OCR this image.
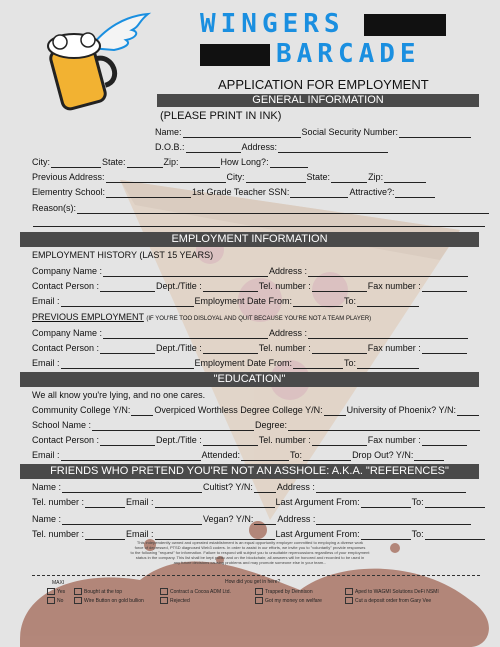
WINGERS
BARCADE
APPLICATION FOR EMPLOYMENT
GENERAL INFORMATION
(PLEASE PRINT IN INK)
Name:	Social Security Number:
D.O.B.:	Address:
City:	State:	Zip:	How Long?:
Previous Address:	City:	State:	Zip:
Elementry School:	1st Grade Teacher SSN:	Attractive?:
Reason(s):
EMPLOYMENT INFORMATION
EMPLOYMENT HISTORY (LAST 15 YEARS)
Company Name :	Address :
Contact Person :	Dept./Title :	Tel. number :	Fax number :
Email :	Employment Date From:	To:
PREVIOUS EMPLOYMENT (IF YOU'RE TOO DISLOYAL AND QUIT BECAUSE YOU'RE NOT A TEAM PLAYER)
Company Name :	Address :
Contact Person :	Dept./Title :	Tel. number :	Fax number :
Email :	Employment Date From:	To:
"EDUCATION"
We all know you're lying, and no one cares.
Community College Y/N:	Overpiced Worthless Degree College Y/N:	University of Phoenix? Y/N:
School Name :	Degree:
Contact Person :	Dept./Title :	Tel. number :	Fax number :
Email :	Attended:	To:	Drop Out? Y/N:
FRIENDS WHO PRETEND YOU'RE NOT AN ASSHOLE: A.K.A. "REFERENCES"
Name :	Cultist? Y/N:	Address :
Tel. number :	Email :	Last Argument From:	To:
Name :	Vegan? Y/N:	Address :
Tel. number :	Email :	Last Argument From:	To:
This independently owned and operated establishment is an equal opportunity employer committed to employing a diverse work
force of depressed, PTSD diagnosed Web3 coders. In order to assist in our efforts, we invite you to "voluntarily" provide responses
to the following "request" for information. Failure to respond will subject you to unsuitable repercussions regardless of your employment
status in the company. This list shall be kept public and on the blockchain; all answers will be honored and recorded to be used in
any future decisions causing problems and may promote someone else in your team...
MAXI	How did you get in here?
Yes
No
Bought at the top
Wire Button on gold bullion
Contract a Cocoa ADM Ltd.
Rejected
Trapped by Dennison
Got my money on welfare
Aped to WAGMI Solutions DeFi NSMI
Cut a deposit order from Gary Vee
